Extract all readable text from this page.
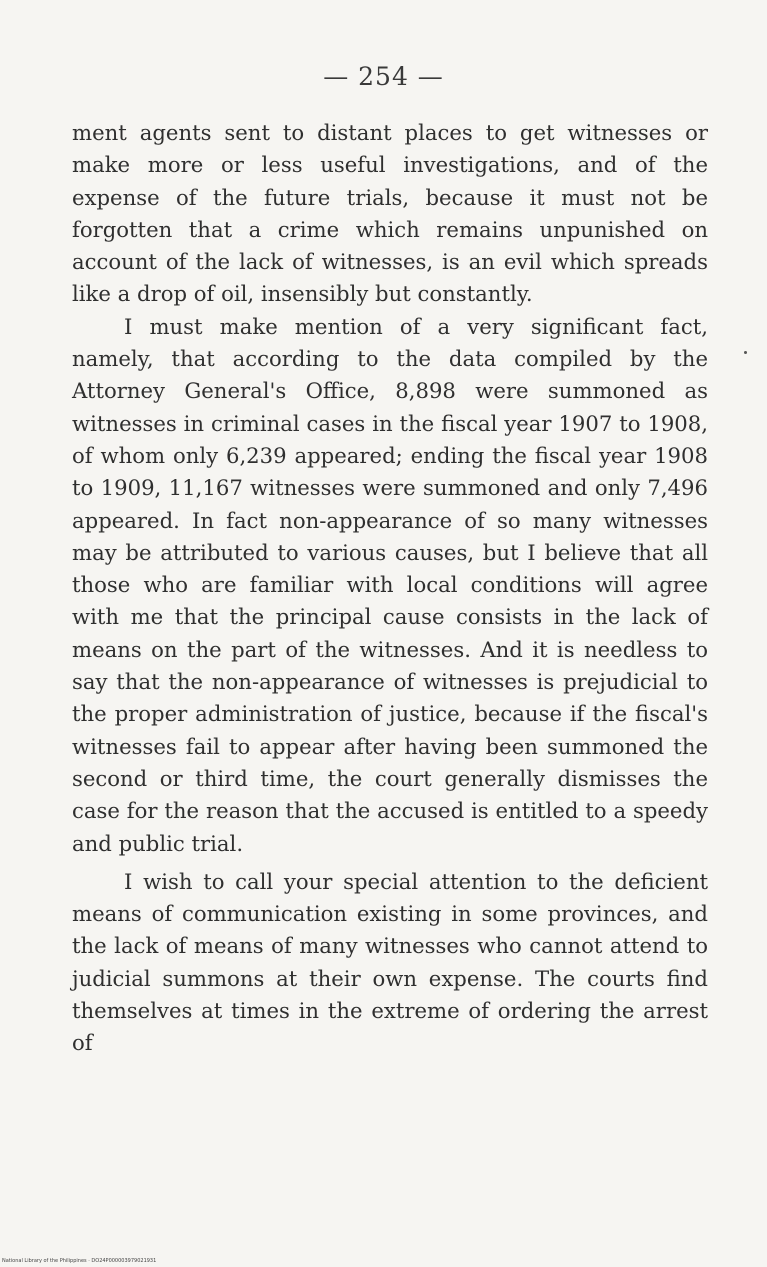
— 254 —

ment agents sent to distant places to get witnesses or make more or less useful investigations, and of the expense of the future trials, because it must not be forgotten that a crime which remains unpunished on account of the lack of witnesses, is an evil which spreads like a drop of oil, insensibly but constantly.

I must make mention of a very significant fact, namely, that according to the data compiled by the Attorney General's Office, 8,898 were summoned as witnesses in criminal cases in the fiscal year 1907 to 1908, of whom only 6,239 appeared; ending the fiscal year 1908 to 1909, 11,167 witnesses were summoned and only 7,496 appeared. In fact non-appearance of so many witnesses may be attributed to various causes, but I believe that all those who are familiar with local conditions will agree with me that the principal cause consists in the lack of means on the part of the witnesses. And it is needless to say that the non-appearance of witnesses is prejudicial to the proper administration of justice, because if the fiscal's witnesses fail to appear after having been summoned the second or third time, the court generally dismisses the case for the reason that the accused is entitled to a speedy and public trial.

I wish to call your special attention to the deficient means of communication existing in some provinces, and the lack of means of many witnesses who cannot attend to judicial summons at their own expense. The courts find themselves at times in the extreme of ordering the arrest of

National Library of the Philippines · DO24P000003979021931
